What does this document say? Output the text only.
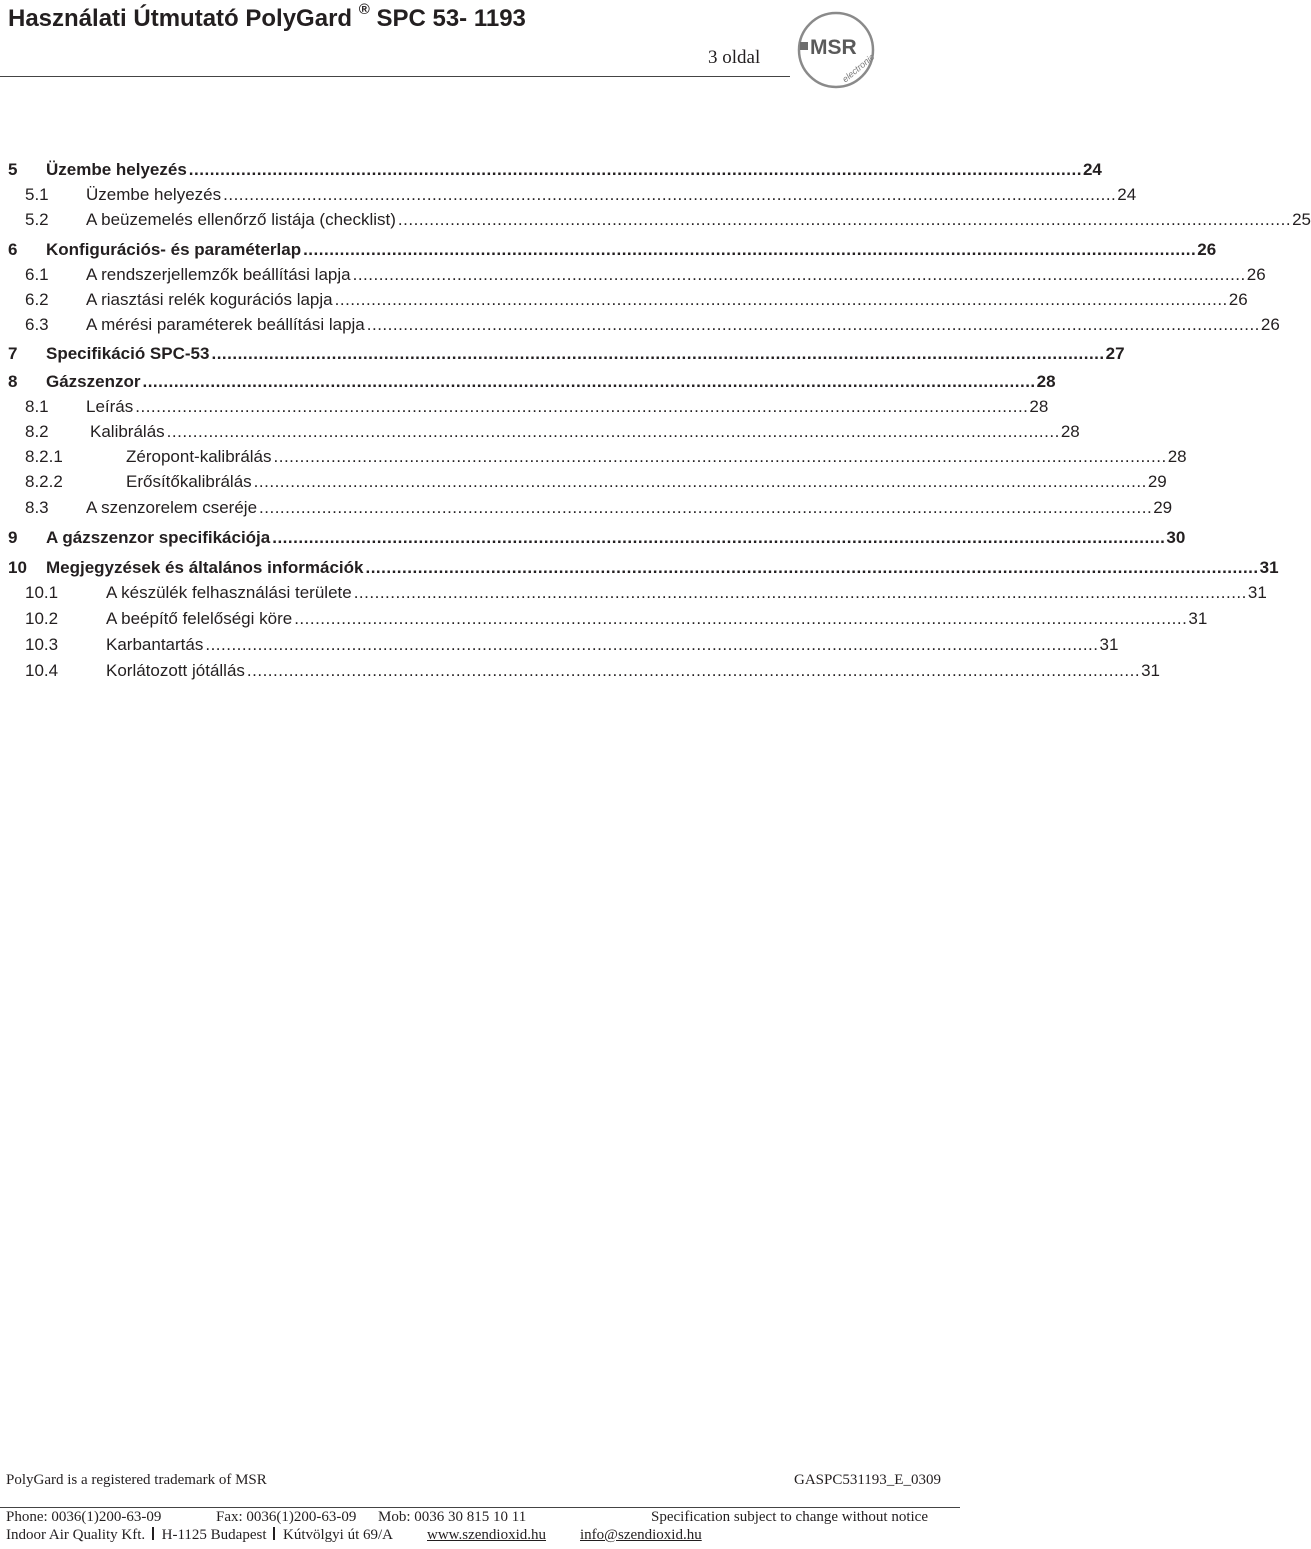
Használati Útmutató PolyGard ® SPC 53- 1193
3 oldal MSR
electronic
5 Üzembe helyezés ........................................................................................................................................................................... 24
5.1 Üzembe helyezés ........................................................................................................................................................................... 24
5.2 A beüzemelés ellenőrző listája (checklist) ........................................................................................................................................................................... 25
6 Konfigurációs- és paraméterlap ........................................................................................................................................................................... 26
6.1 A rendszerjellemzők beállítási lapja ........................................................................................................................................................................... 26
6.2 A riasztási relék kogurációs lapja ........................................................................................................................................................................... 26
6.3 A mérési paraméterek beállítási lapja ........................................................................................................................................................................... 26
7 Specifikáció SPC-53 ........................................................................................................................................................................... 27
8 Gázszenzor ........................................................................................................................................................................... 28
8.1 Leírás ........................................................................................................................................................................... 28
8.2 Kalibrálás ........................................................................................................................................................................... 28
8.2.1	Zéropont-kalibrálás ........................................................................................................................................................................... 28
8.2.2	Erősítőkalibrálás ........................................................................................................................................................................... 29
8.3 A szenzorelem cseréje ........................................................................................................................................................................... 29
9 A gázszenzor specifikációja ........................................................................................................................................................................... 30
10 Megjegyzések és általános információk ........................................................................................................................................................................... 31
10.1	A készülék felhasználási területe ........................................................................................................................................................................... 31
10.2	A beépítő felelőségi köre ........................................................................................................................................................................... 31
10.3	Karbantartás ........................................................................................................................................................................... 31
10.4	Korlátozott jótállás ........................................................................................................................................................................... 31
PolyGard is a registered trademark of MSR	GASPC531193_E_0309
Phone: 0036(1)200-63-09	Fax: 0036(1)200-63-09 Mob: 0036 30 815 10 11	Specification subject to change without notice
Indoor Air Quality Kft. H-1125 Budapest Kútvölgyi út 69/A www.szendioxid.hu info@szendioxid.hu
